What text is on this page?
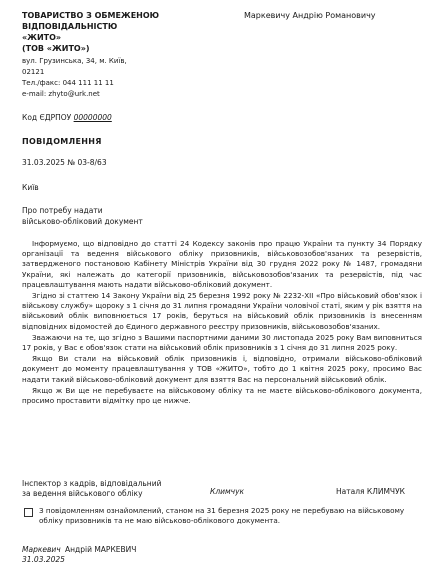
ТОВАРИСТВО З ОБМЕЖЕНОЮ
ВІДПОВІДАЛЬНІСТЮ
«ЖИТО»
(ТОВ «ЖИТО»)
вул. Грузинська, 34, м. Київ,
02121
Тел./факс: 044 111 11 11
e-mail: zhyto@urk.net
Маркевичу Андрію Романовичу
Код ЄДРПОУ 00000000
ПОВІДОМЛЕННЯ
31.03.2025 № 03-8/63
Київ
Про потребу надати
військово-обліковий документ

Інформуємо, що відповідно до статті 24 Кодексу законів про працю України та пункту 34 Порядку організації та ведення військового обліку призовників, військовозобов'язаних та резервістів, затвердженого постановою Кабінету Міністрів України від 30 грудня 2022 року № 1487, громадяни України, які належать до категорії призовників, військовозобов'язаних та резервістів, під час працевлаштування мають надати військово-обліковий документ.

Згідно зі статтею 14 Закону України від 25 березня 1992 року № 2232-XII «Про військовий обов'язок і військову службу» щороку з 1 січня до 31 липня громадяни України чоловічої статі, яким у рік взяття на військовий облік виповнюється 17 років, беруться на військовий облік призовників із внесенням відповідних відомостей до Єдиного державного реєстру призовників, військовозобов'язаних.

Зважаючи на те, що згідно з Вашими паспортними даними 30 листопада 2025 року Вам виповниться 17 років, у Вас є обов'язок стати на військовий облік призовників з 1 січня до 31 липня 2025 року.

Якщо Ви стали на військовий облік призовників і, відповідно, отримали військово-обліковий документ до моменту працевлаштування у ТОВ «ЖИТО», тобто до 1 квітня 2025 року, просимо Вас надати такий військово-обліковий документ для взяття Вас на персональний військовий облік.

Якщо ж Ви ще не перебуваєте на військовому обліку та не маєте військово-облікового документа, просимо проставити відмітку про це нижче.

Інспектор з кадрів, відповідальний
за ведення військового обліку	Климчук	Наталя КЛИМЧУК
З повідомленням ознайомлений, станом на 31 березня 2025 року не перебуваю на військовому обліку призовників та не маю військово-облікового документа.
Маркевич Андрій МАРКЕВИЧ
31.03.2025
